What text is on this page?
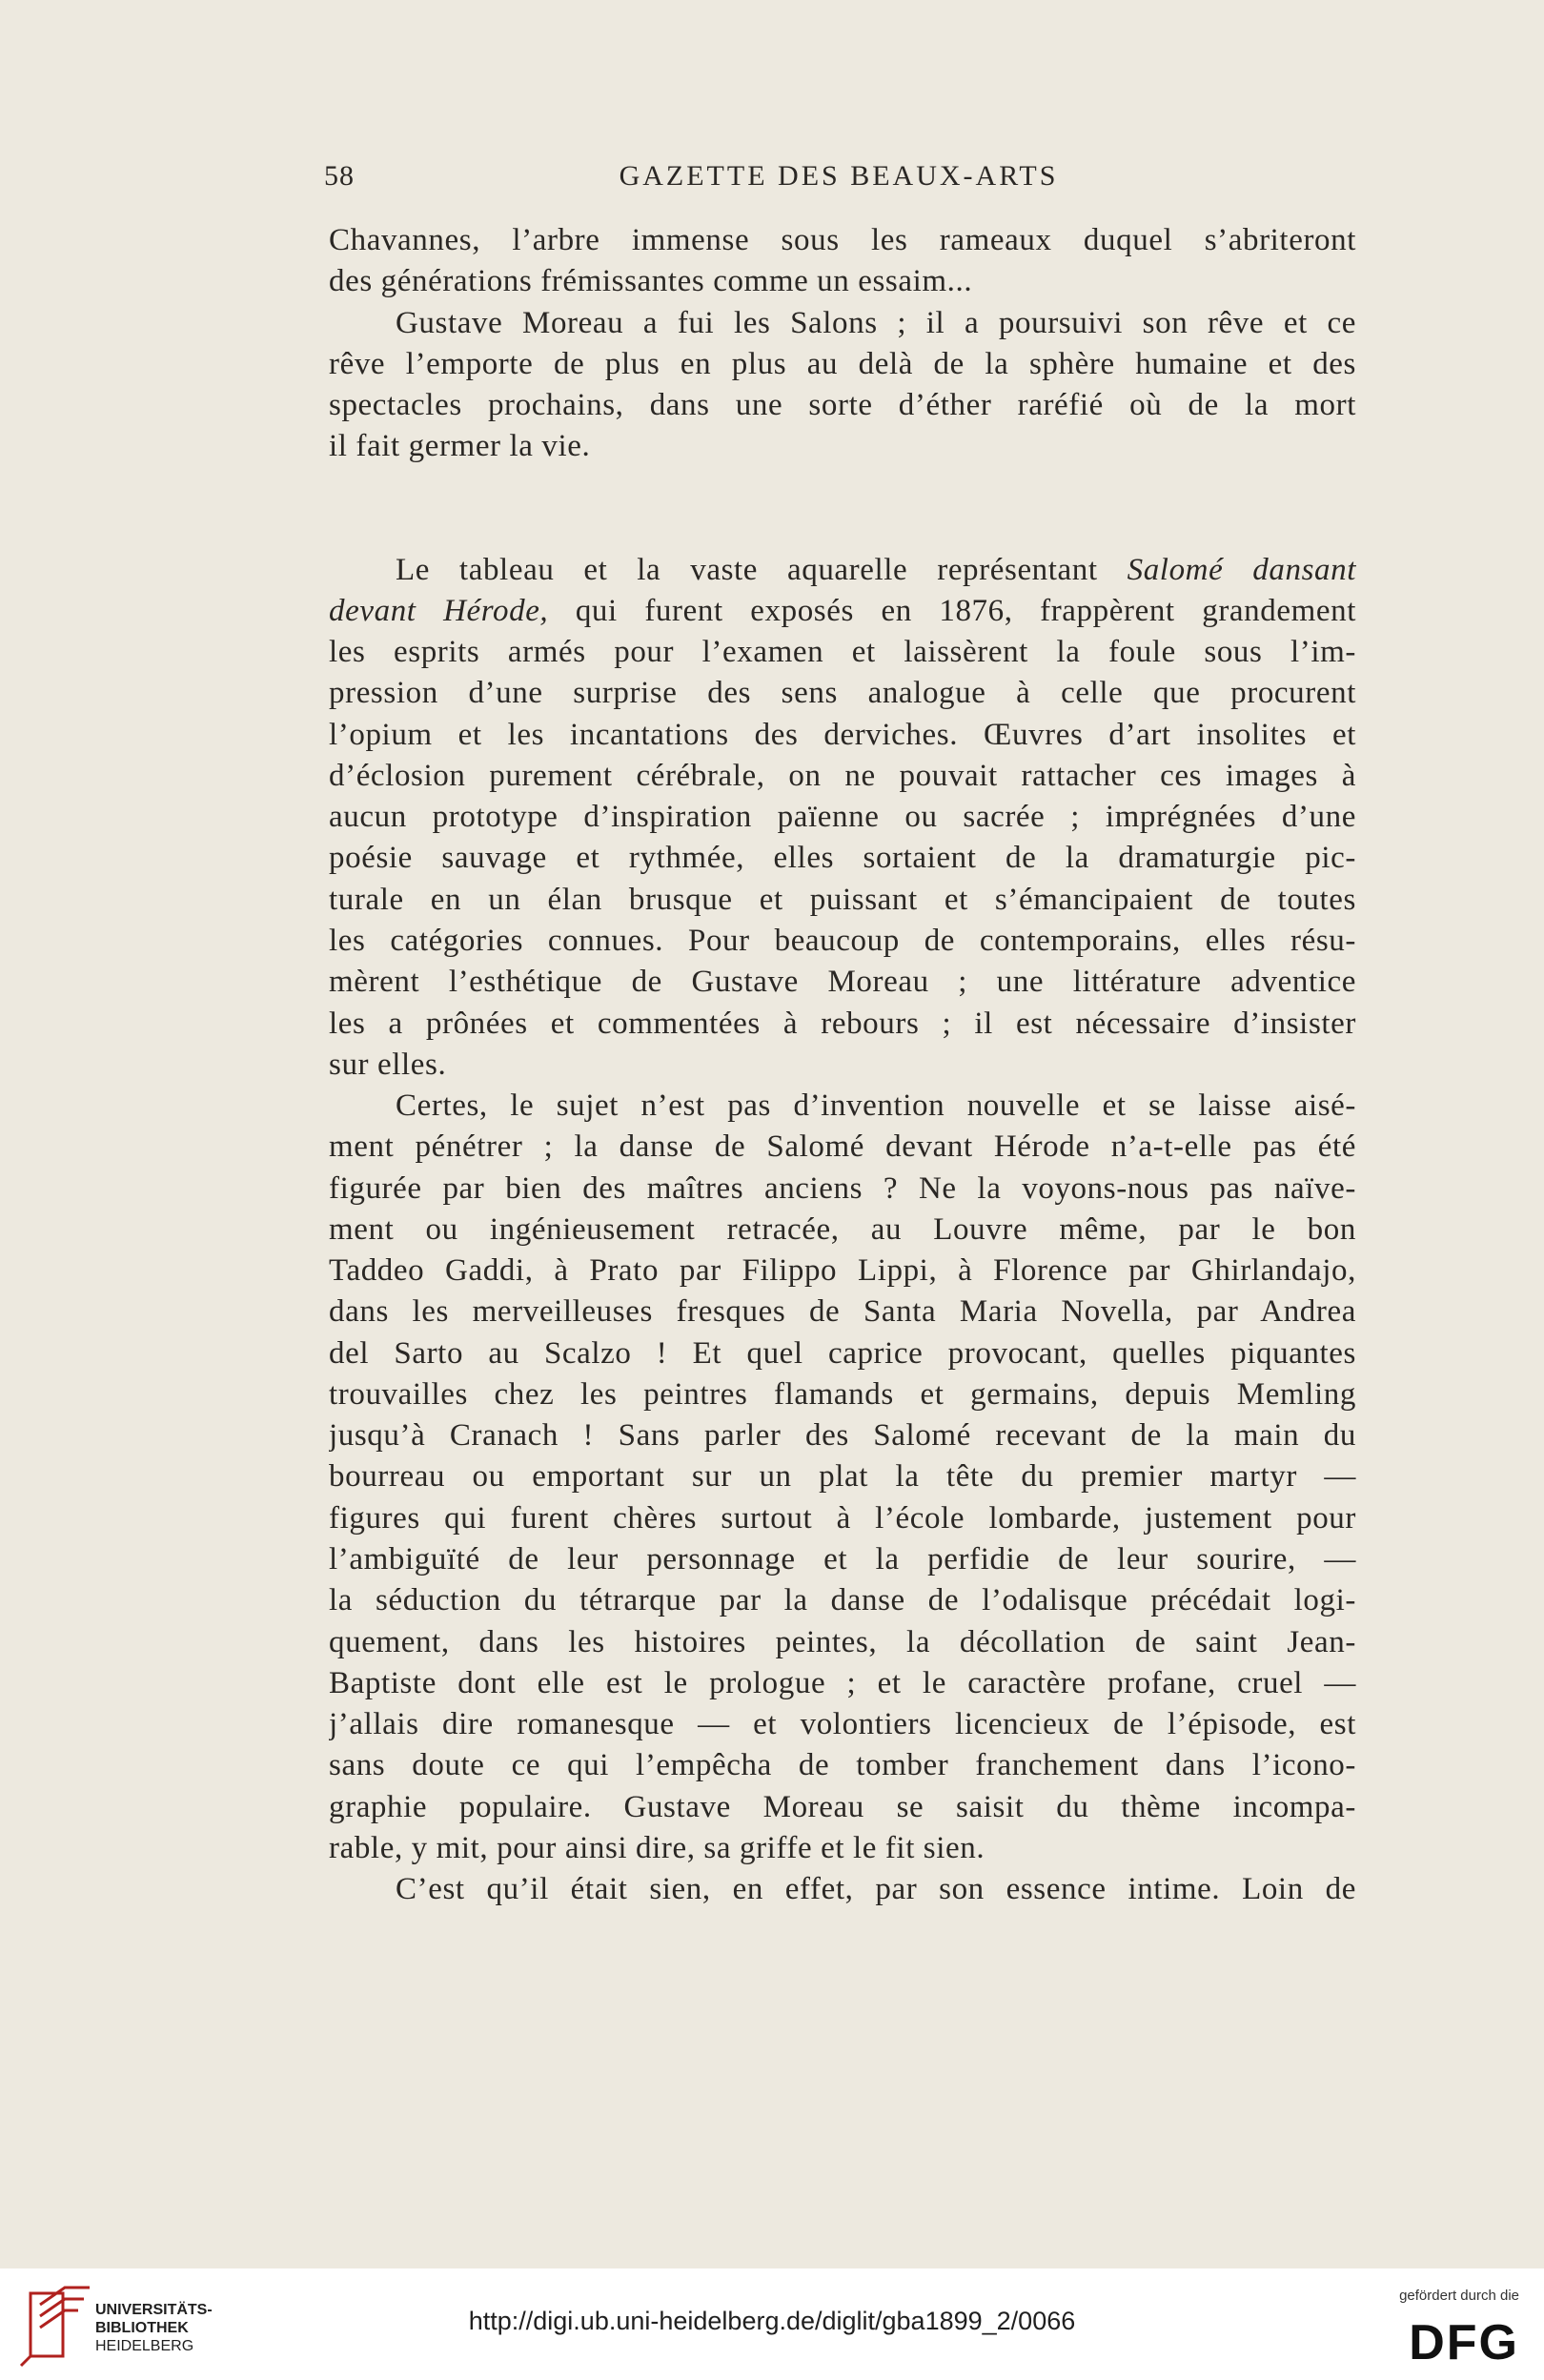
58	GAZETTE DES BEAUX-ARTS
Chavannes, l’arbre immense sous les rameaux duquel s’abriteront
des générations frémissantes comme un essaim...
Gustave Moreau a fui les Salons ; il a poursuivi son rêve et ce
rêve l’emporte de plus en plus au delà de la sphère humaine et des
spectacles prochains, dans une sorte d’éther raréfié où de la mort
il fait germer la vie.
Le tableau et la vaste aquarelle représentant Salomé dansant
devant Hérode, qui furent exposés en 1876, frappèrent grandement
les esprits armés pour l’examen et laissèrent la foule sous l’im-
pression d’une surprise des sens analogue à celle que procurent
l’opium et les incantations des derviches. Œuvres d’art insolites et
d’éclosion purement cérébrale, on ne pouvait rattacher ces images à
aucun prototype d’inspiration païenne ou sacrée ; imprégnées d’une
poésie sauvage et rythmée, elles sortaient de la dramaturgie pic-
turale en un élan brusque et puissant et s’émancipaient de toutes
les catégories connues. Pour beaucoup de contemporains, elles résu-
mèrent l’esthétique de Gustave Moreau ; une littérature adventice
les a prônées et commentées à rebours ; il est nécessaire d’insister
sur elles.
Certes, le sujet n’est pas d’invention nouvelle et se laisse aisé-
ment pénétrer ; la danse de Salomé devant Hérode n’a-t-elle pas été
figurée par bien des maîtres anciens ? Ne la voyons-nous pas naïve-
ment ou ingénieusement retracée, au Louvre même, par le bon
Taddeo Gaddi, à Prato par Filippo Lippi, à Florence par Ghirlandajo,
dans les merveilleuses fresques de Santa Maria Novella, par Andrea
del Sarto au Scalzo ! Et quel caprice provocant, quelles piquantes
trouvailles chez les peintres flamands et germains, depuis Memling
jusqu’à Cranach ! Sans parler des Salomé recevant de la main du
bourreau ou emportant sur un plat la tête du premier martyr —
figures qui furent chères surtout à l’école lombarde, justement pour
l’ambiguïté de leur personnage et la perfidie de leur sourire, —
la séduction du tétrarque par la danse de l’odalisque précédait logi-
quement, dans les histoires peintes, la décollation de saint Jean-
Baptiste dont elle est le prologue ; et le caractère profane, cruel —
j’allais dire romanesque — et volontiers licencieux de l’épisode, est
sans doute ce qui l’empêcha de tomber franchement dans l’icono-
graphie populaire. Gustave Moreau se saisit du thème incompa-
rable, y mit, pour ainsi dire, sa griffe et le fit sien.
C’est qu’il était sien, en effet, par son essence intime. Loin de
UNIVERSITÄTS-
BIBLIOTHEK
HEIDELBERG
http://digi.ub.uni-heidelberg.de/diglit/gba1899_2/0066
gefördert durch die
DFG
